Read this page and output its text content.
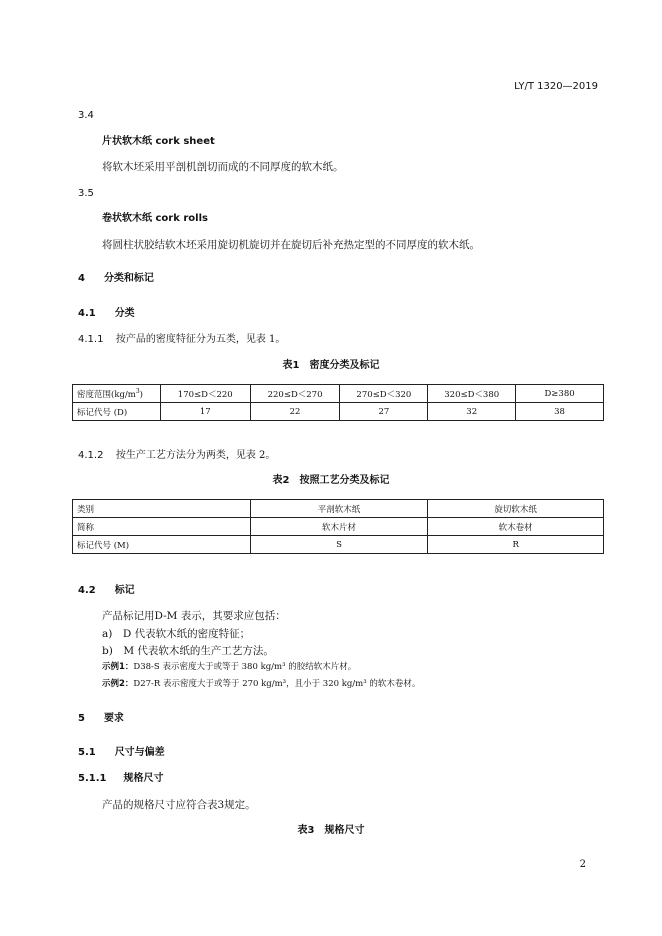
LY/T 1320—2019
3.4
片状软木纸 cork sheet
将软木坯采用平剖机剖切而成的不同厚度的软木纸。
3.5
卷状软木纸 cork rolls
将圆柱状胶结软木坯采用旋切机旋切并在旋切后补充热定型的不同厚度的软木纸。
4 分类和标记
4.1 分类
4.1.1 按产品的密度特征分为五类，见表 1。
表1　密度分类及标记
密度范围$(kg/m^3)$	170≤D＜220	220≤D＜270	270≤D＜320	320≤D＜380	D≥380
标记代号 (D)	17	22	27	32	38
4.1.2 按生产工艺方法分为两类，见表 2。
表2　按照工艺分类及标记
类别	平剖软木纸	旋切软木纸
简称	软木片材	软木卷材
标记代号 (M)	S	R
4.2 标记
产品标记用D-M 表示，其要求应包括：
a)　D 代表软木纸的密度特征；
b)　M 代表软木纸的生产工艺方法。
示例1：D38-S 表示密度大于或等于 380 kg/m³ 的胶结软木片材。
示例2：D27-R 表示密度大于或等于 270 kg/m³，且小于 320 kg/m³ 的软木卷材。
5 要求
5.1 尺寸与偏差
5.1.1 规格尺寸
产品的规格尺寸应符合表3规定。
表3　规格尺寸
2
